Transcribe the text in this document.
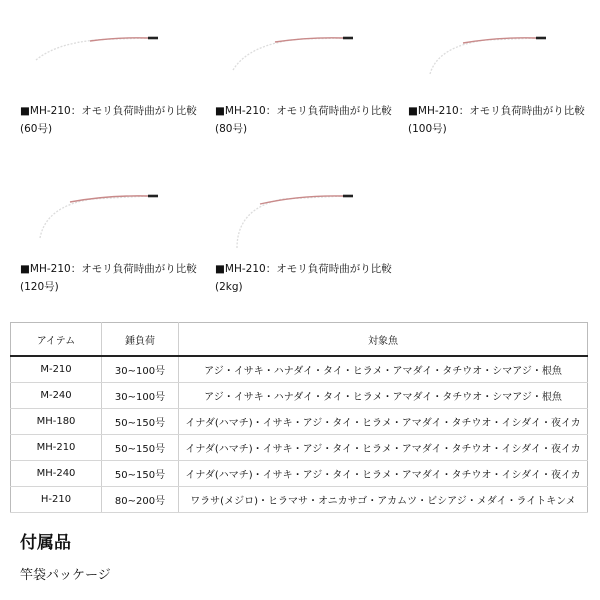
■MH-210：オモリ負荷時曲がり比較
(60号)
■MH-210：オモリ負荷時曲がり比較
(80号)
■MH-210：オモリ負荷時曲がり比較
(100号)
■MH-210：オモリ負荷時曲がり比較
(120号)
■MH-210：オモリ負荷時曲がり比較
(2kg)
アイテム	錘負荷	対象魚
M-210	30~100号	アジ・イサキ・ハナダイ・タイ・ヒラメ・アマダイ・タチウオ・シマアジ・根魚
M-240	30~100号	アジ・イサキ・ハナダイ・タイ・ヒラメ・アマダイ・タチウオ・シマアジ・根魚
MH-180	50~150号	イナダ(ハマチ)・イサキ・アジ・タイ・ヒラメ・アマダイ・タチウオ・イシダイ・夜イカ
MH-210	50~150号	イナダ(ハマチ)・イサキ・アジ・タイ・ヒラメ・アマダイ・タチウオ・イシダイ・夜イカ
MH-240	50~150号	イナダ(ハマチ)・イサキ・アジ・タイ・ヒラメ・アマダイ・タチウオ・イシダイ・夜イカ
H-210	80~200号	ワラサ(メジロ)・ヒラマサ・オニカサゴ・アカムツ・ビシアジ・メダイ・ライトキンメ
付属品
竿袋パッケージ
